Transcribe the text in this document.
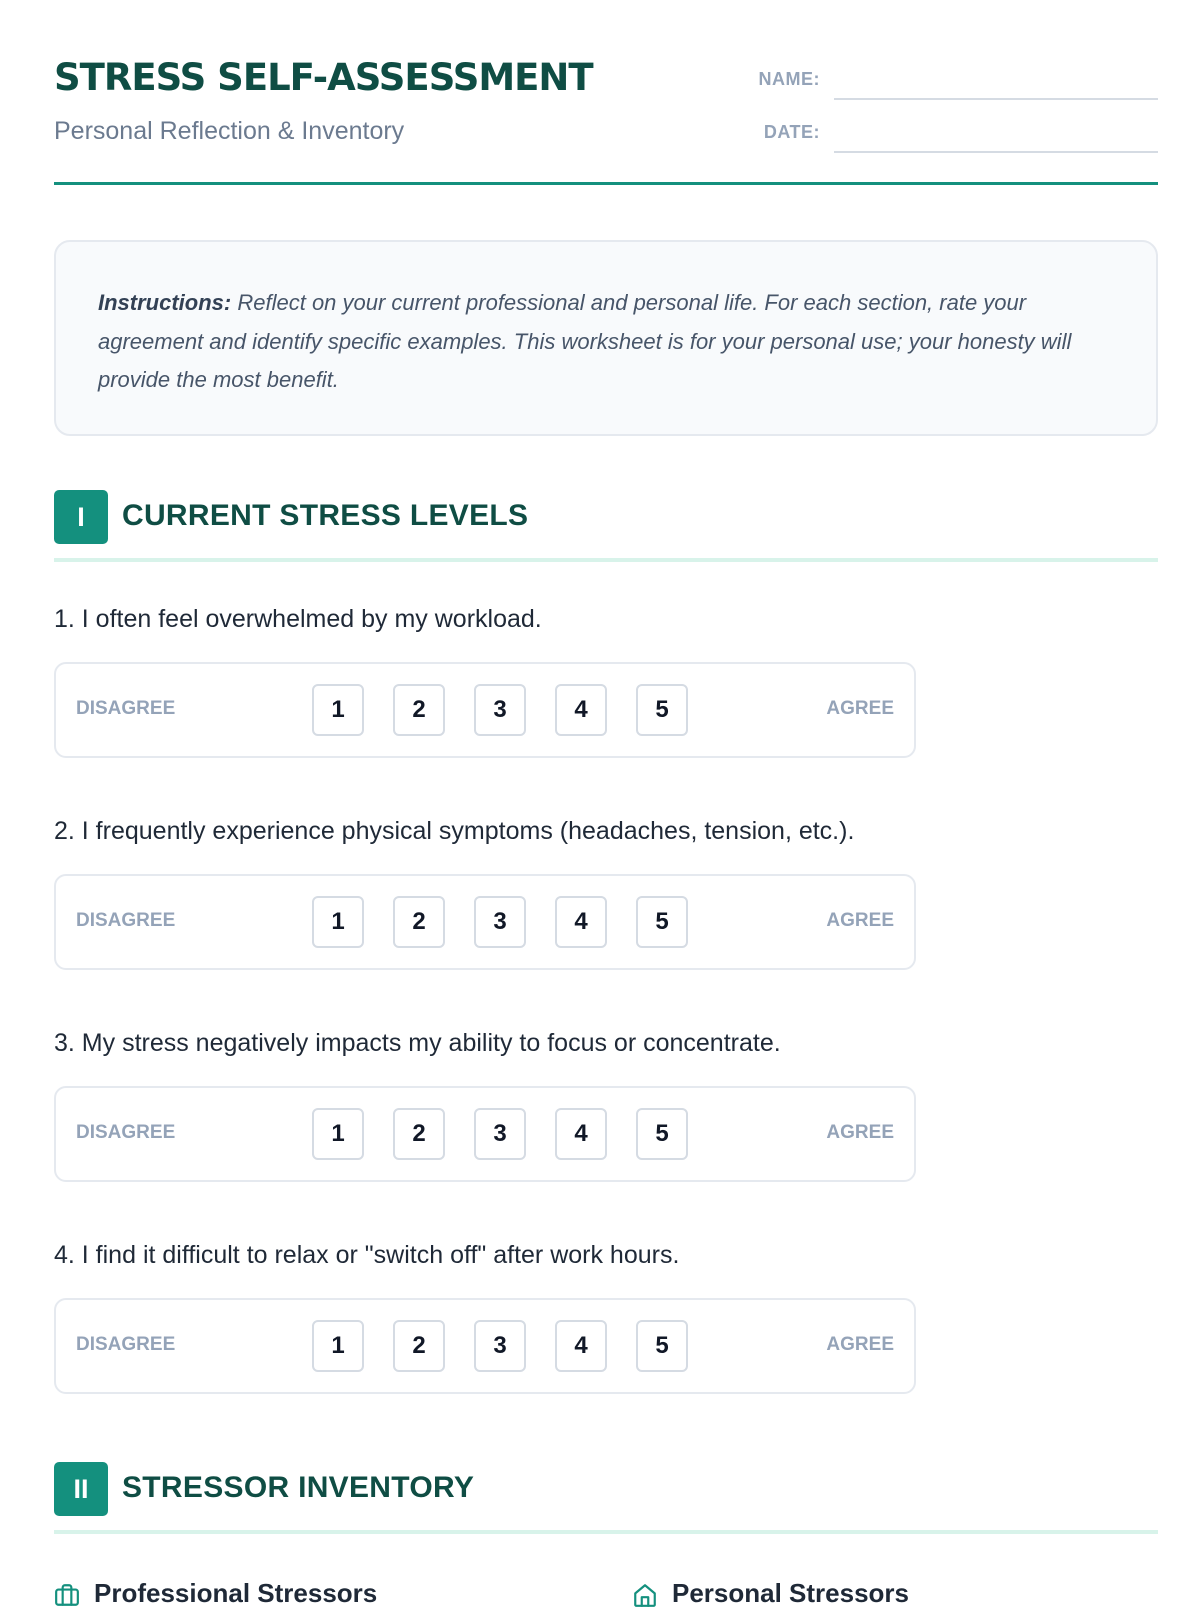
STRESS SELF-ASSESSMENT
Personal Reflection & Inventory
NAME:
DATE:

Instructions: Reflect on your current professional and personal life. For each section, rate your agreement and identify specific examples. This worksheet is for your personal use; your honesty will provide the most benefit.

I	CURRENT STRESS LEVELS
1. I often feel overwhelmed by my workload.
DISAGREE	1	2	3	4	5	AGREE
2. I frequently experience physical symptoms (headaches, tension, etc.).
DISAGREE	1	2	3	4	5	AGREE
3. My stress negatively impacts my ability to focus or concentrate.
DISAGREE	1	2	3	4	5	AGREE
4. I find it difficult to relax or "switch off" after work hours.
DISAGREE	1	2	3	4	5	AGREE
II	STRESSOR INVENTORY
Professional Stressors	Personal Stressors
